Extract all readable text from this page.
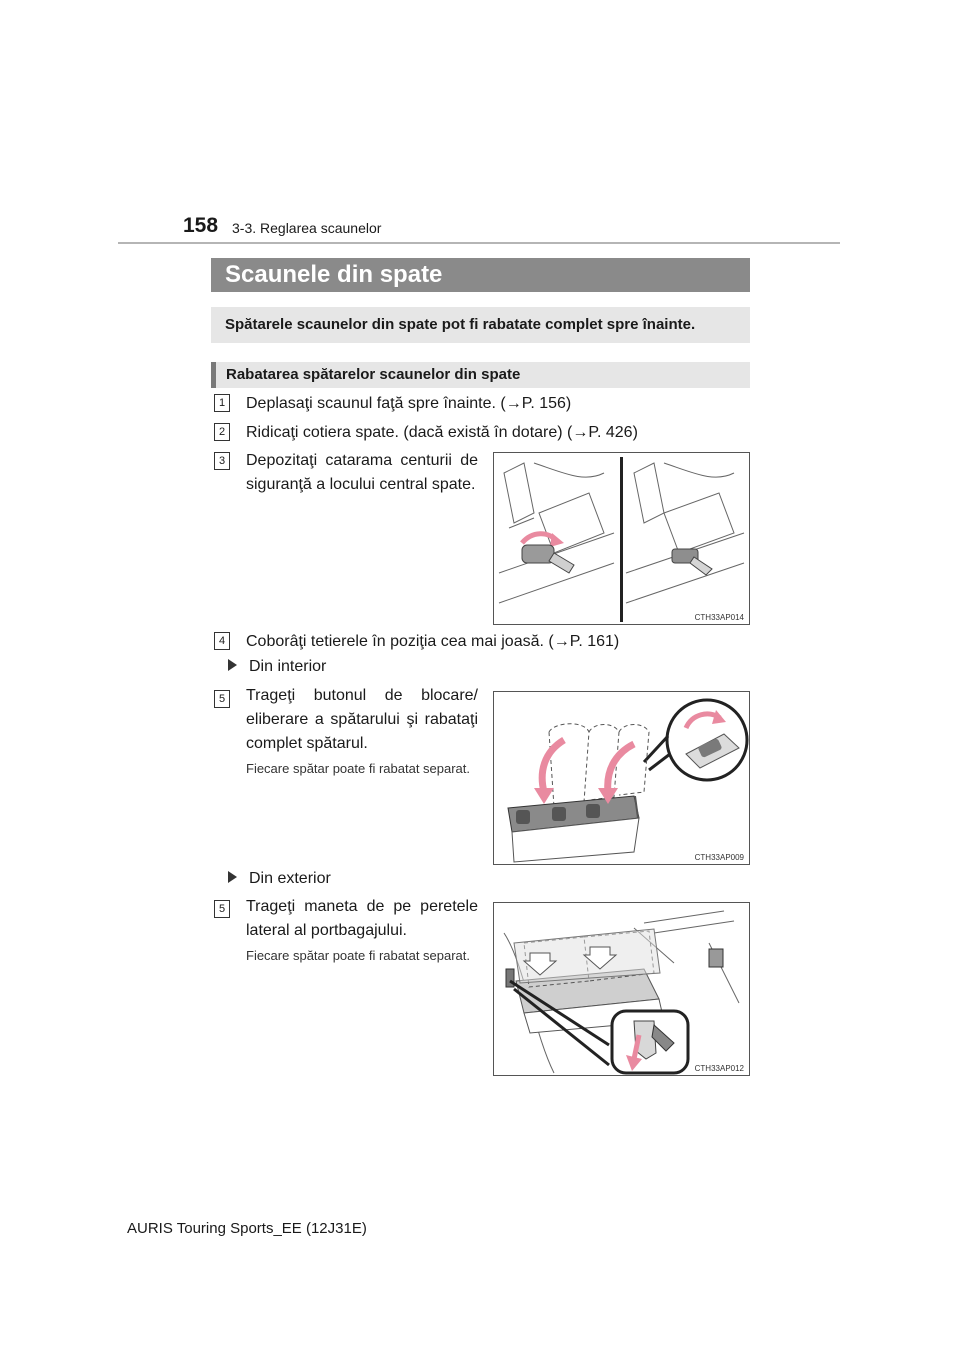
158 3-3. Reglarea scaunelor
Scaunele din spate
Spătarele scaunelor din spate pot fi rabatate complet spre înainte.
Rabatarea spătarelor scaunelor din spate
1	Deplasaţi scaunul faţă spre înainte. (→P. 156)
2	Ridicaţi cotiera spate. (dacă există în dotare) (→P. 426)
3	Depozitaţi catarama centurii de siguranţă a locului central spate.
CTH33AP014
4	Coborâţi tetierele în poziţia cea mai joasă. (→P. 161)
Din interior
5	Trageţi butonul de blocare/ eliberare a spătarului şi rabataţi complet spătarul.
Fiecare spătar poate fi rabatat separat.
CTH33AP009
Din exterior
5	Trageţi maneta de pe peretele lateral al portbagajului.
Fiecare spătar poate fi rabatat separat.
CTH33AP012
AURIS Touring Sports_EE (12J31E)
